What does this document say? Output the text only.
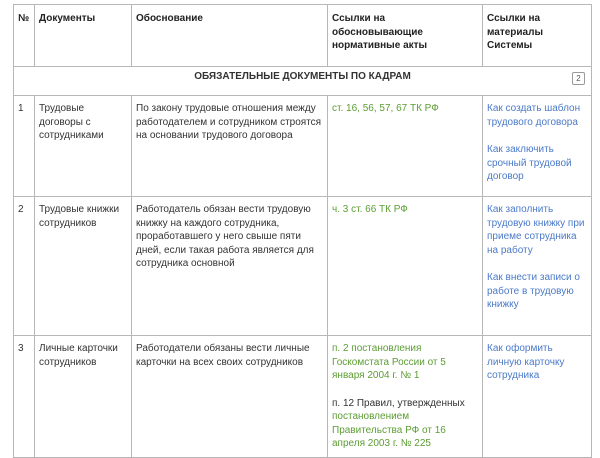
№	Документы	Обоснование	Ссылки на обосновывающие нормативные акты	Ссылки на материалы Системы
ОБЯЗАТЕЛЬНЫЕ ДОКУМЕНТЫ ПО КАДРАМ 2				

1	Трудовые договоры с сотрудниками	По закону трудовые отношения между работодателем и сотрудником строятся на основании трудового договора	ст. 16, 56, 57, 67 ТК РФ	Как создать шаблон трудового договора
Как заключить срочный трудовой договор

2	Трудовые книжки сотрудников	Работодатель обязан вести трудовую книжку на каждого сотрудника, проработавшего у него свыше пяти дней, если такая работа является для сотрудника основной	ч. 3 ст. 66 ТК РФ	Как заполнить трудовую книжку при приеме сотрудника на работу
Как внести записи о работе в трудовую книжку

3	Личные карточки сотрудников	Работодатели обязаны вести личные карточки на всех своих сотрудников	п. 2 постановления Госкомстата России от 5 января 2004 г. № 1
п. 12 Правил, утвержденных постановлением Правительства РФ от 16 апреля 2003 г. № 225	Как оформить личную карточку сотрудника
